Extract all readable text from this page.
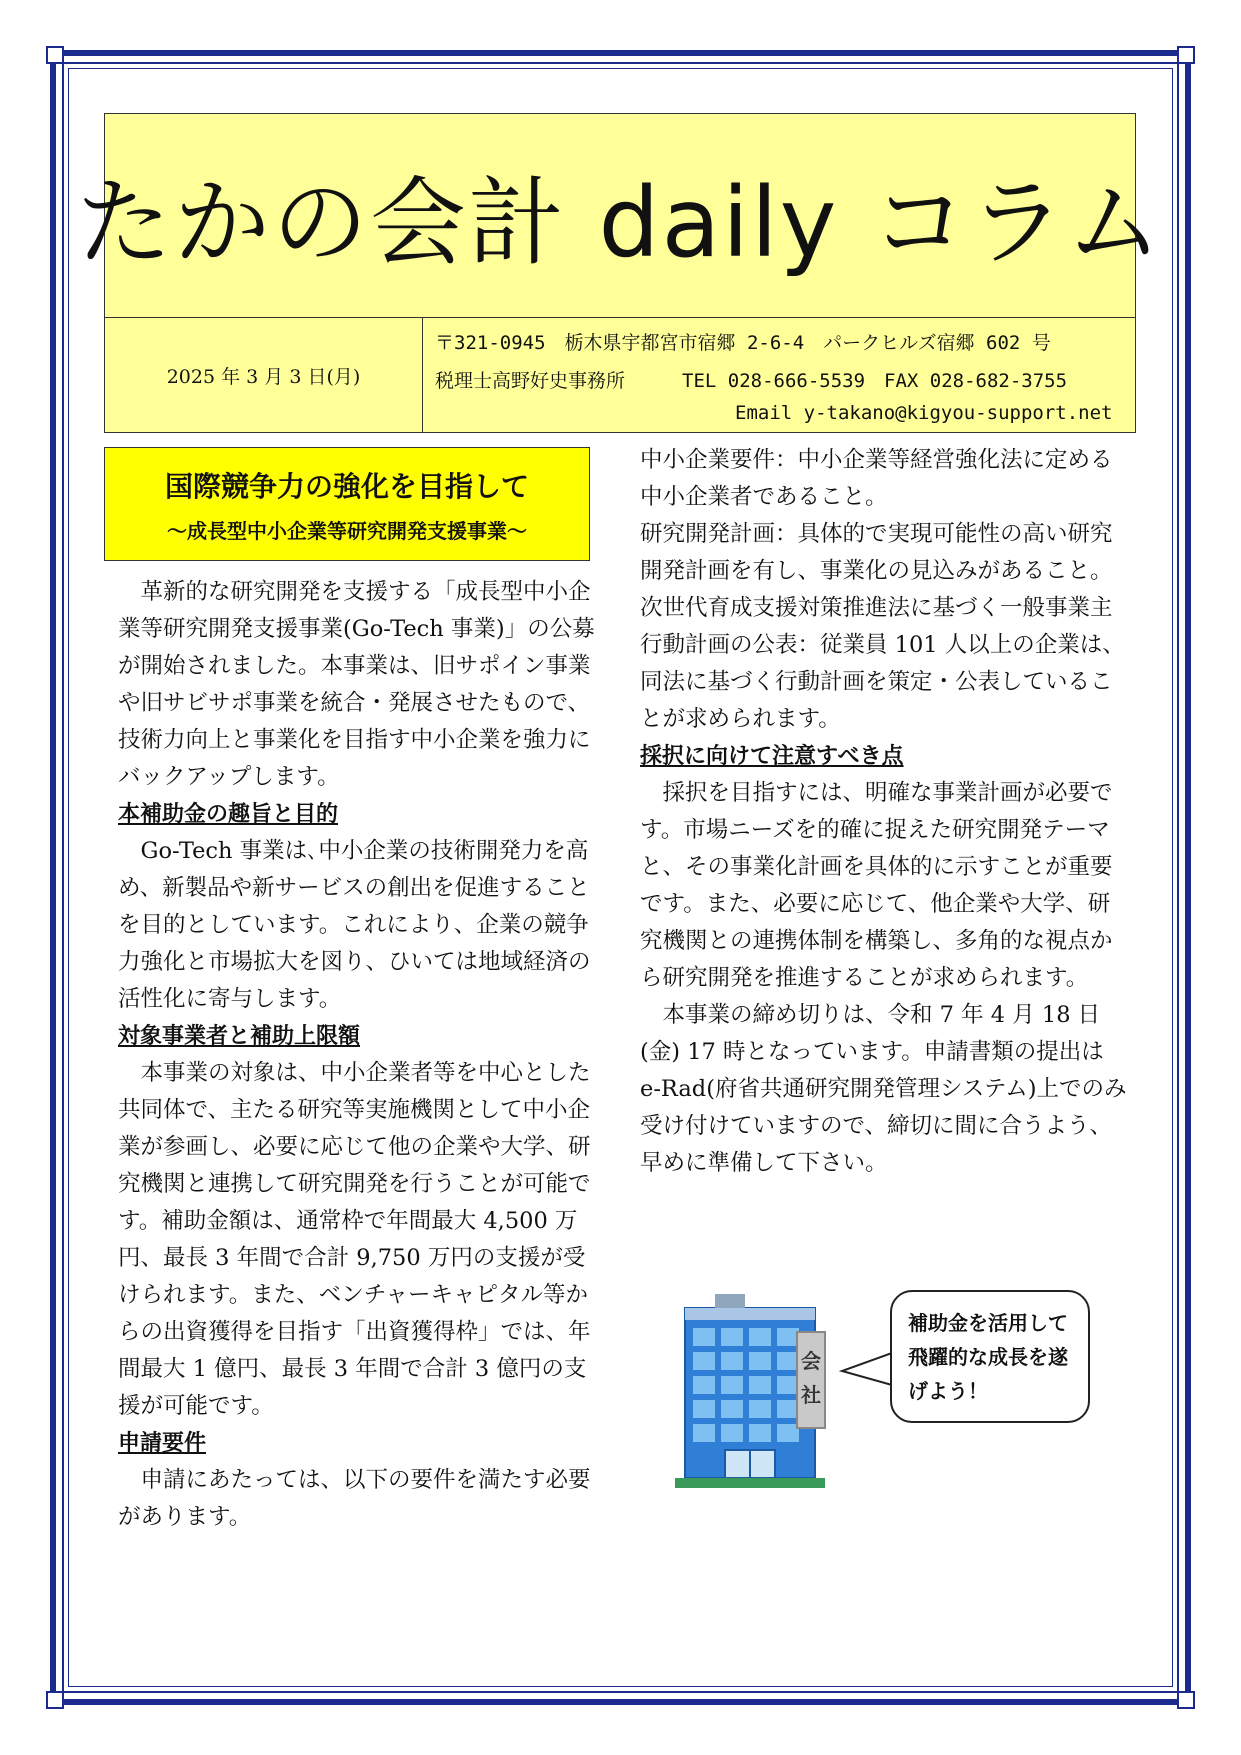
たかの会計 daily コラム
2025 年 3 月 3 日(月)
〒321-0945　栃木県宇都宮市宿郷 2-6-4　パークヒルズ宿郷 602 号
税理士高野好史事務所　　　TEL 028-666-5539　FAX 028-682-3755
Email y-takano@kigyou-support.net
国際競争力の強化を目指して
～成長型中小企業等研究開発支援事業～

革新的な研究開発を支援する「成長型中小企業等研究開発支援事業(Go-Tech 事業)」の公募が開始されました。本事業は、旧サポイン事業や旧サビサポ事業を統合・発展させたもので、技術力向上と事業化を目指す中小企業を強力にバックアップします。

本補助金の趣旨と目的

Go-Tech 事業は､中小企業の技術開発力を高め、新製品や新サービスの創出を促進することを目的としています。これにより、企業の競争力強化と市場拡大を図り、ひいては地域経済の活性化に寄与します。

対象事業者と補助上限額

本事業の対象は、中小企業者等を中心とした共同体で、主たる研究等実施機関として中小企業が参画し、必要に応じて他の企業や大学、研究機関と連携して研究開発を行うことが可能です。補助金額は、通常枠で年間最大 4,500 万円、最長 3 年間で合計 9,750 万円の支援が受けられます。また、ベンチャーキャピタル等からの出資獲得を目指す「出資獲得枠」では、年間最大 1 億円、最長 3 年間で合計 3 億円の支援が可能です。

申請要件

申請にあたっては、以下の要件を満たす必要があります。

中小企業要件：中小企業等経営強化法に定める中小企業者であること。

研究開発計画：具体的で実現可能性の高い研究開発計画を有し、事業化の見込みがあること。

次世代育成支援対策推進法に基づく一般事業主行動計画の公表：従業員 101 人以上の企業は、同法に基づく行動計画を策定・公表していることが求められます。

採択に向けて注意すべき点

採択を目指すには、明確な事業計画が必要です。市場ニーズを的確に捉えた研究開発テーマと、その事業化計画を具体的に示すことが重要です。また、必要に応じて、他企業や大学、研究機関との連携体制を構築し、多角的な視点から研究開発を推進することが求められます。

本事業の締め切りは、令和 7 年 4 月 18 日(金) 17 時となっています。申請書類の提出は e-Rad(府省共通研究開発管理システム)上でのみ受け付けていますので、締切に間に合うよう、早めに準備して下さい。

会
社
補助金を活用して飛躍的な成長を遂げよう！
